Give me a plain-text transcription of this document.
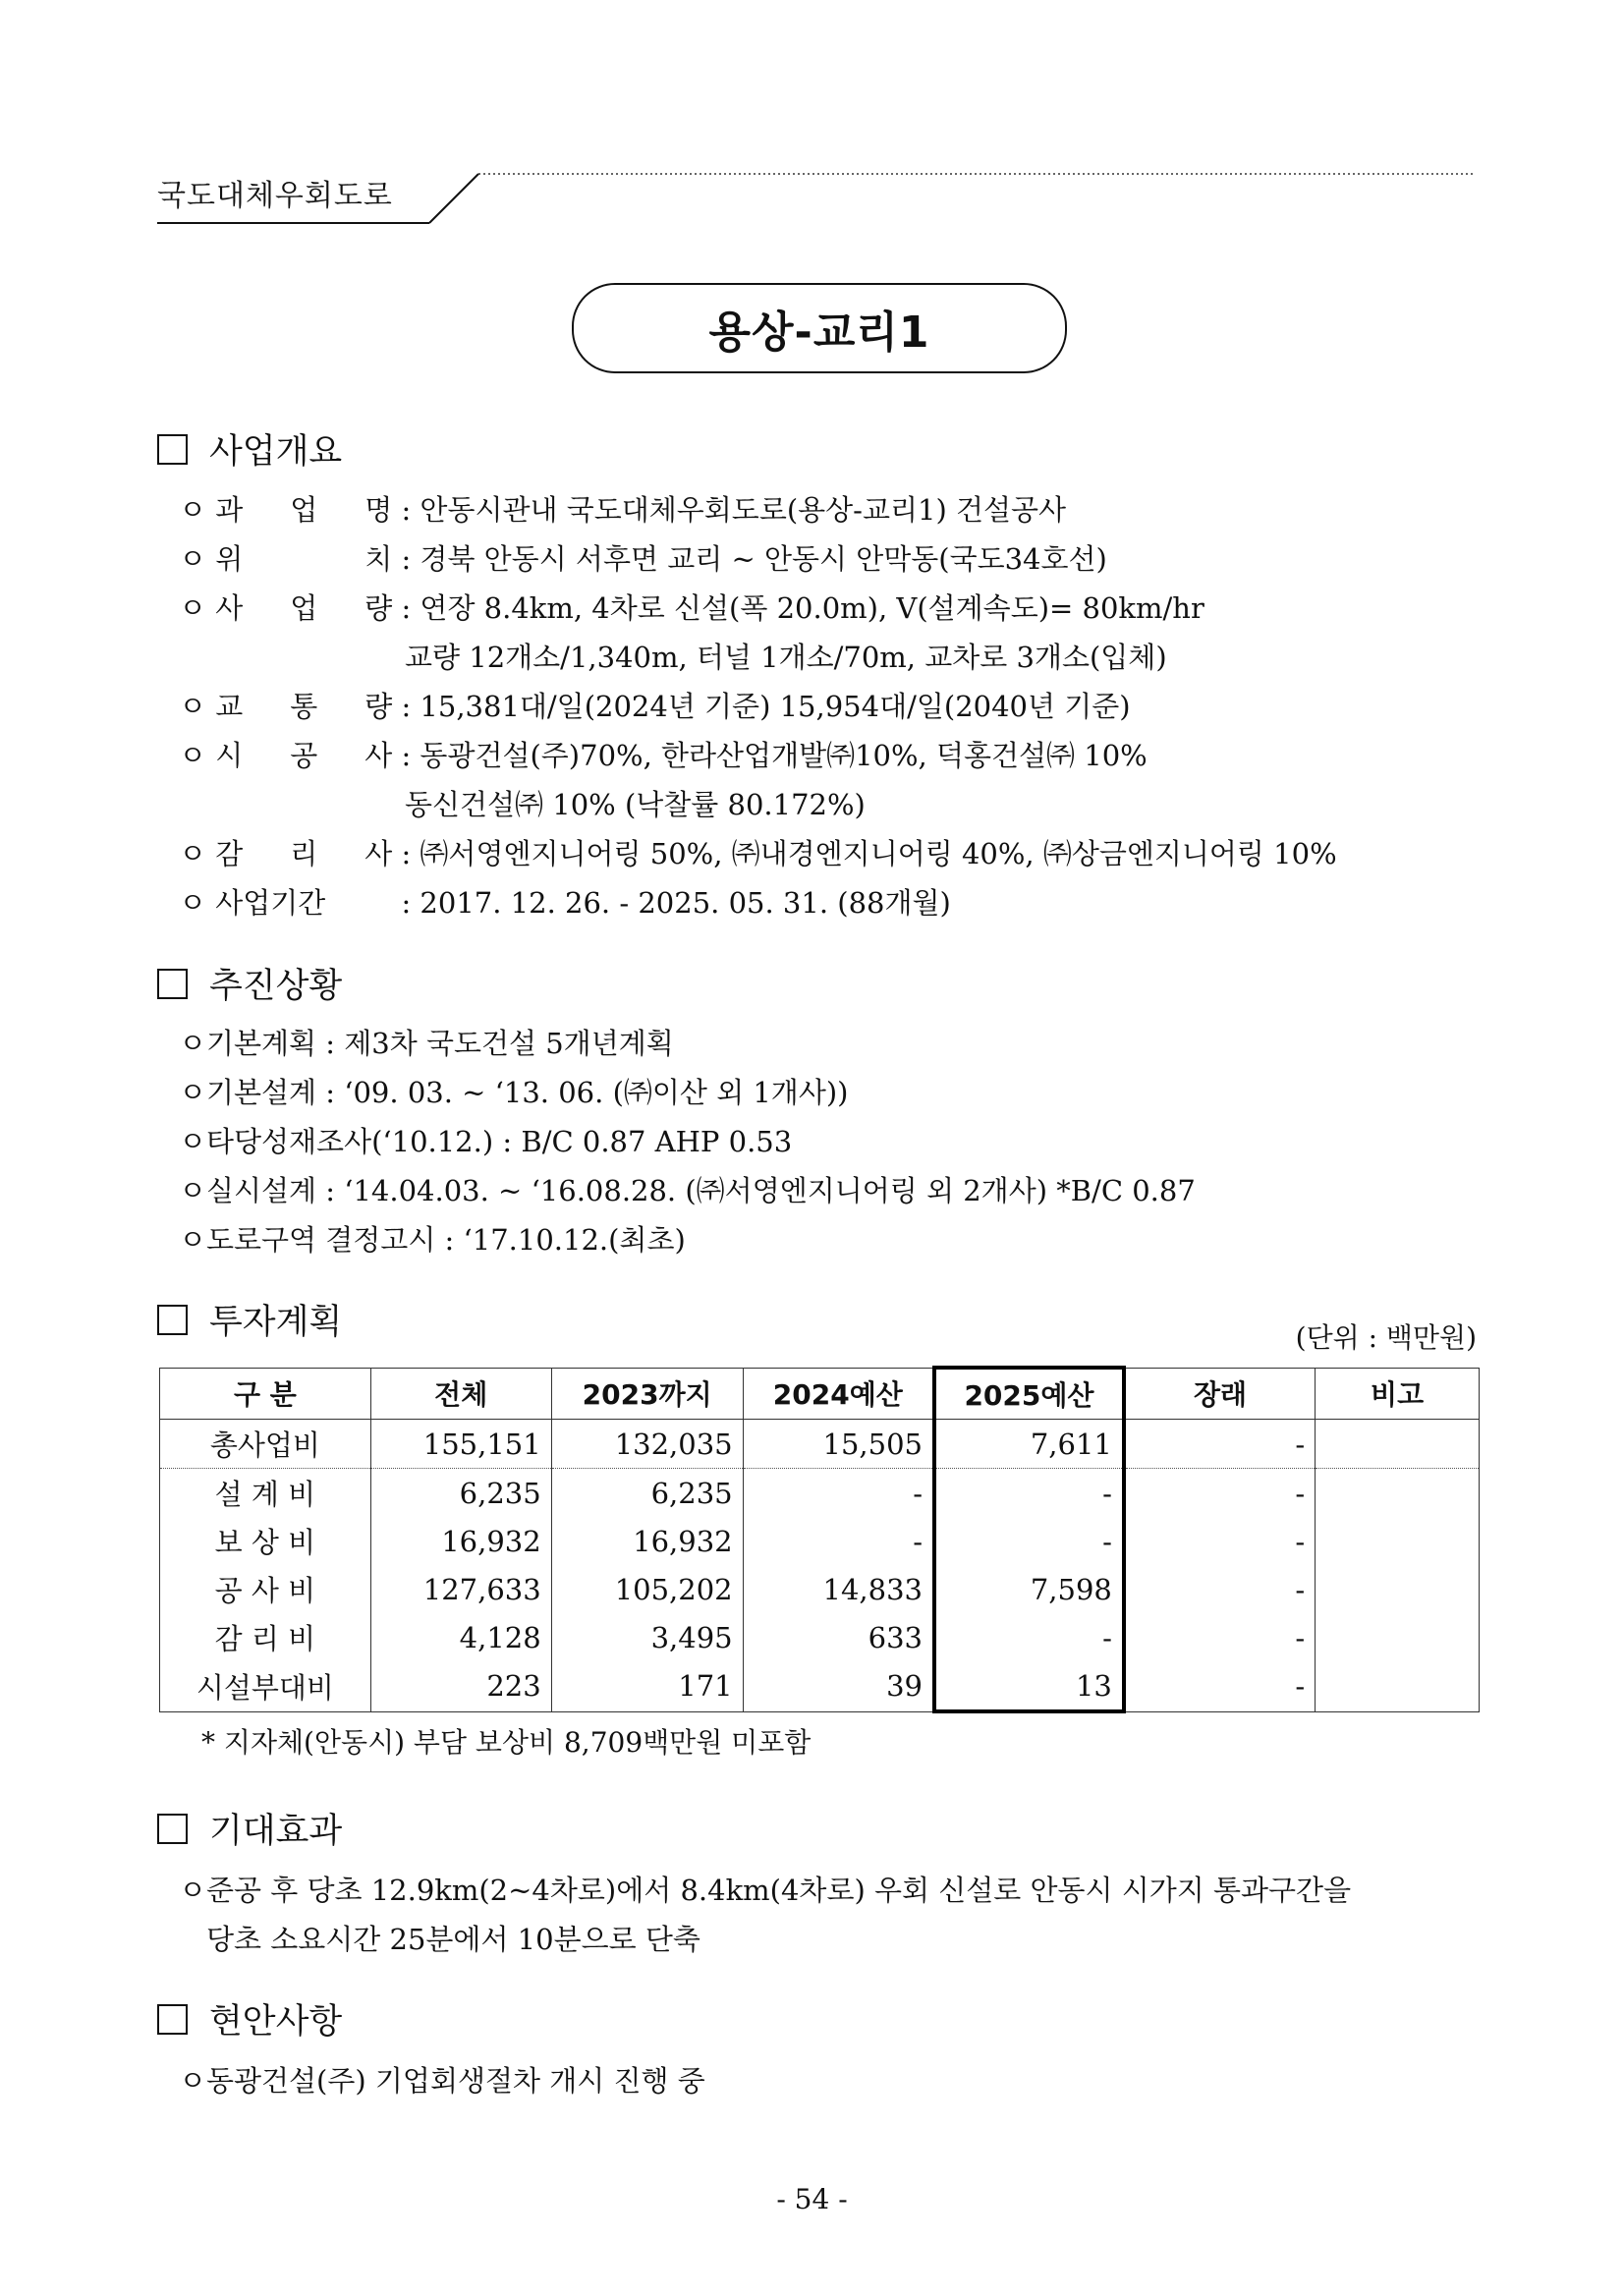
국도대체우회도로
용상-교리1
사업개요
ㅇ 과 업 명 : 안동시관내 국도대체우회도로(용상-교리1) 건설공사
ㅇ 위 치 : 경북 안동시 서후면 교리 ~ 안동시 안막동(국도34호선)
ㅇ 사 업 량 : 연장 8.4km, 4차로 신설(폭 20.0m), V(설계속도)= 80km/hr
교량 12개소/1,340m, 터널 1개소/70m, 교차로 3개소(입체)
ㅇ 교 통 량 : 15,381대/일(2024년 기준) 15,954대/일(2040년 기준)
ㅇ 시 공 사 : 동광건설(주)70%, 한라산업개발㈜10%, 덕홍건설㈜ 10%
동신건설㈜ 10% (낙찰률 80.172%)
ㅇ 감 리 사 : ㈜서영엔지니어링 50%, ㈜내경엔지니어링 40%, ㈜상금엔지니어링 10%
ㅇ 사업기간	: 2017. 12. 26. - 2025. 05. 31. (88개월)
추진상황
ㅇ기본계획 : 제3차 국도건설 5개년계획
ㅇ기본설계 : ‘09. 03. ~ ‘13. 06. (㈜이산 외 1개사))
ㅇ타당성재조사(‘10.12.) : B/C 0.87 AHP 0.53
ㅇ실시설계 : ‘14.04.03. ~ ‘16.08.28. (㈜서영엔지니어링 외 2개사) *B/C 0.87
ㅇ도로구역 결정고시 : ‘17.10.12.(최초)
투자계획	(단위 : 백만원)
구 분	전체	2023까지	2024예산	2025예산	장래	비고
총사업비	155,151	132,035	15,505	7,611	-	
설 계 비	6,235	6,235	-	-	-	
보 상 비	16,932	16,932	-	-	-	
공 사 비	127,633	105,202	14,833	7,598	-	
감 리 비	4,128	3,495	633	-	-	
시설부대비	223	171	39	13	-	
* 지자체(안동시) 부담 보상비 8,709백만원 미포함
기대효과
ㅇ준공 후 당초 12.9km(2~4차로)에서 8.4km(4차로) 우회 신설로 안동시 시가지 통과구간을
당초 소요시간 25분에서 10분으로 단축
현안사항
ㅇ동광건설(주) 기업회생절차 개시 진행 중
- 54 -
